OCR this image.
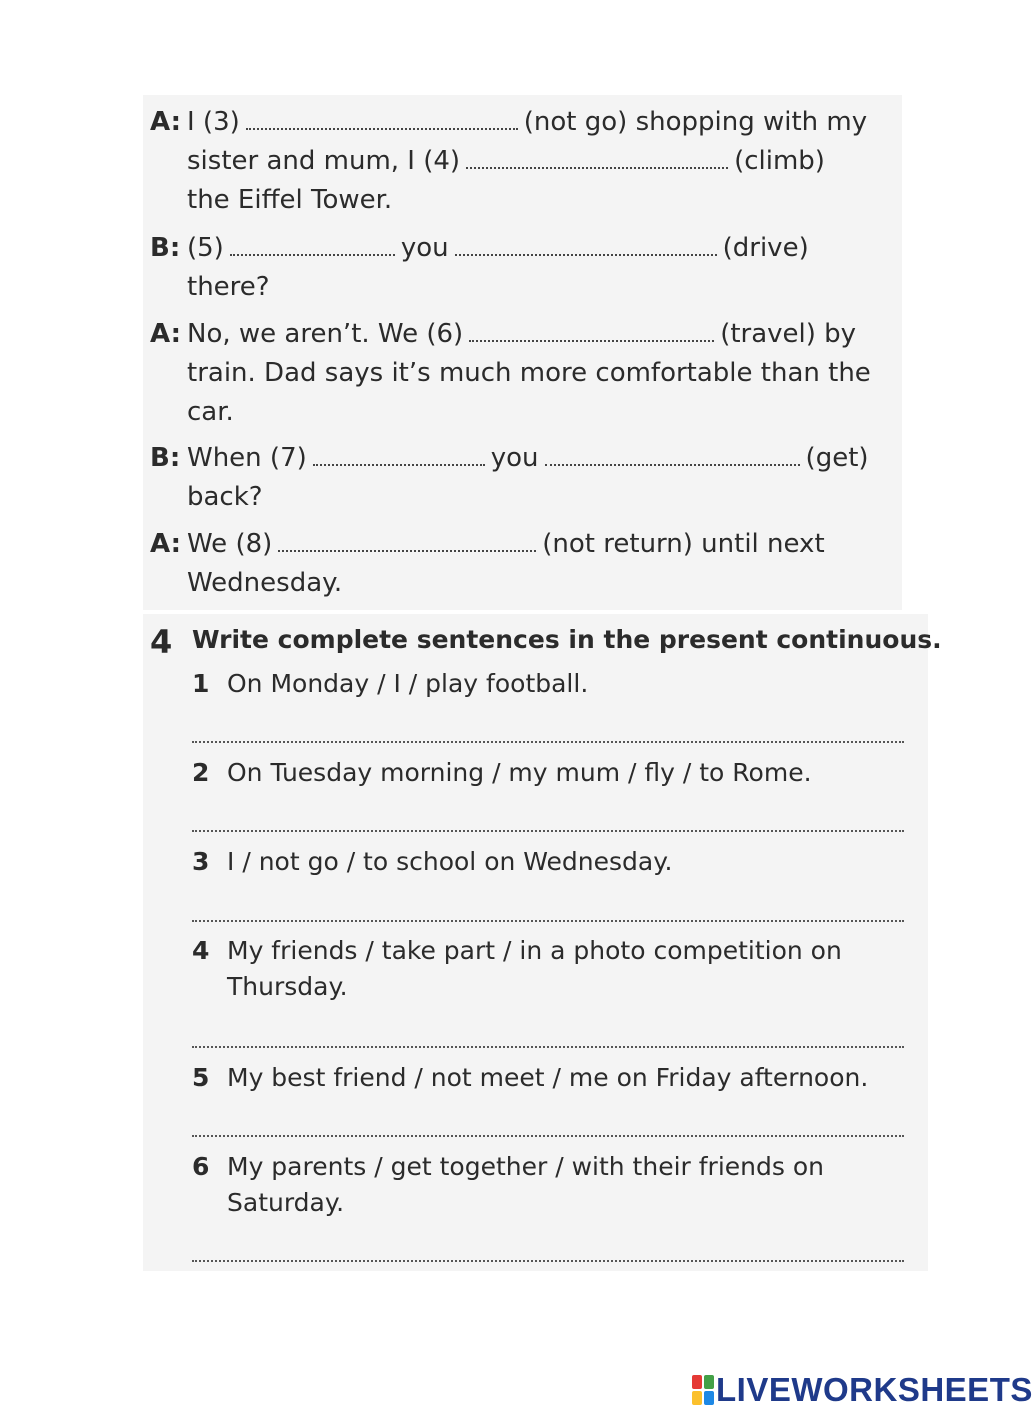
A: I (3)	(not go) shopping with my
sister and mum, I (4)	(climb)
the Eiffel Tower.
B: (5)	you	(drive)
there?
A: No, we aren’t. We (6)	(travel) by
train. Dad says it’s much more comfortable than the
car.
B: When (7)	you	(get)
back?
A: We (8)	(not return) until next
Wednesday.
4 Write complete sentences in the present continuous.
1 On Monday / I / play football.
2 On Tuesday morning / my mum / fly / to Rome.
3 I / not go / to school on Wednesday.
4 My friends / take part / in a photo competition on Thursday.
5 My best friend / not meet / me on Friday afternoon.
6 My parents / get together / with their friends on Saturday.
LIVEWORKSHEETS
